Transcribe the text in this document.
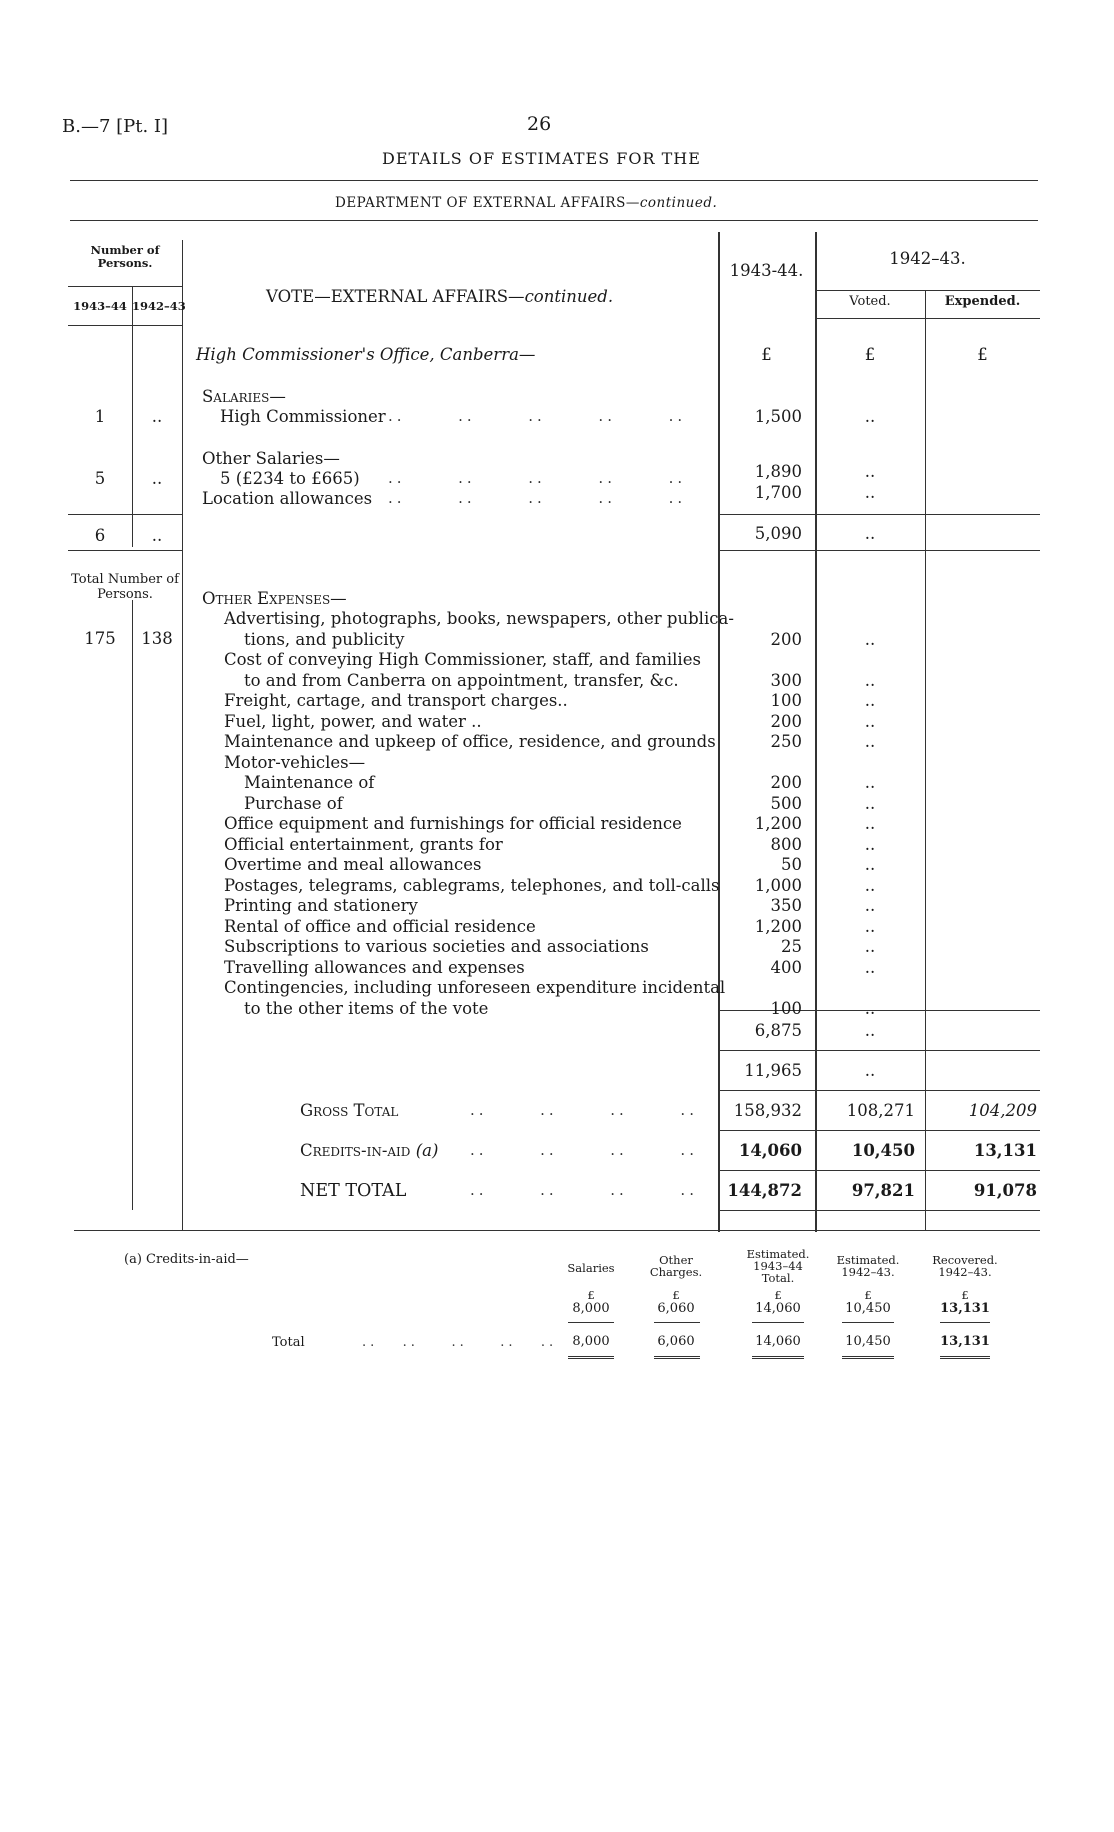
B.—7 [Pt. I]	26
DETAILS OF ESTIMATES FOR THE
DEPARTMENT OF EXTERNAL AFFAIRS—continued.
Number of Persons.
1943–44 1942–43	VOTE—EXTERNAL AFFAIRS—continued.
1943-44.
1942–43.
Voted.	Expended.
High Commissioner's Office, Canberra—	£	£	£
Salaries—
1	..	High Commissioner ..      ..      ..      ..      ..	1,500	..
Other Salaries—
5	..	5 (£234 to £665) ..      ..      ..      ..      ..	1,890	..
Location allowances ..      ..      ..      ..      ..	1,700	..
6	..	5,090	..
Total Number of Persons.	Other Expenses—
175	138
Advertising, photographs, books, newspapers, other publica-
tions, and publicity	200	..
Cost of conveying High Commissioner, staff, and families
to and from Canberra on appointment, transfer, &c.	300	..
Freight, cartage, and transport charges..	100	..
Fuel, light, power, and water ..	200	..
Maintenance and upkeep of office, residence, and grounds	250	..
Motor-vehicles—
Maintenance of	200	..
Purchase of	500	..
Office equipment and furnishings for official residence	1,200	..
Official entertainment, grants for	800	..
Overtime and meal allowances	50	..
Postages, telegrams, cablegrams, telephones, and toll-calls	1,000	..
Printing and stationery	350	..
Rental of office and official residence	1,200	..
Subscriptions to various societies and associations	25	..
Travelling allowances and expenses	400	..
Contingencies, including unforeseen expenditure incidental
to the other items of the vote	100	..
6,875	..
11,965	..
Gross Total	..      ..      ..      ..	158,932	108,271	104,209
Credits-in-aid (a) ..      ..      ..      ..	14,060	10,450	13,131
NET TOTAL	..      ..      ..      ..	144,872	97,821	91,078
(a) Credits-in-aid—
Salaries
Other Charges.
Estimated. 1943–44 Total.
Estimated. 1942–43.
Recovered. 1942–43.
£	£	£	£	£
8,000	6,060	14,060	10,450	13,131
Total	..   ..    ..    ..   ..	8,000	6,060	14,060	10,450	13,131
